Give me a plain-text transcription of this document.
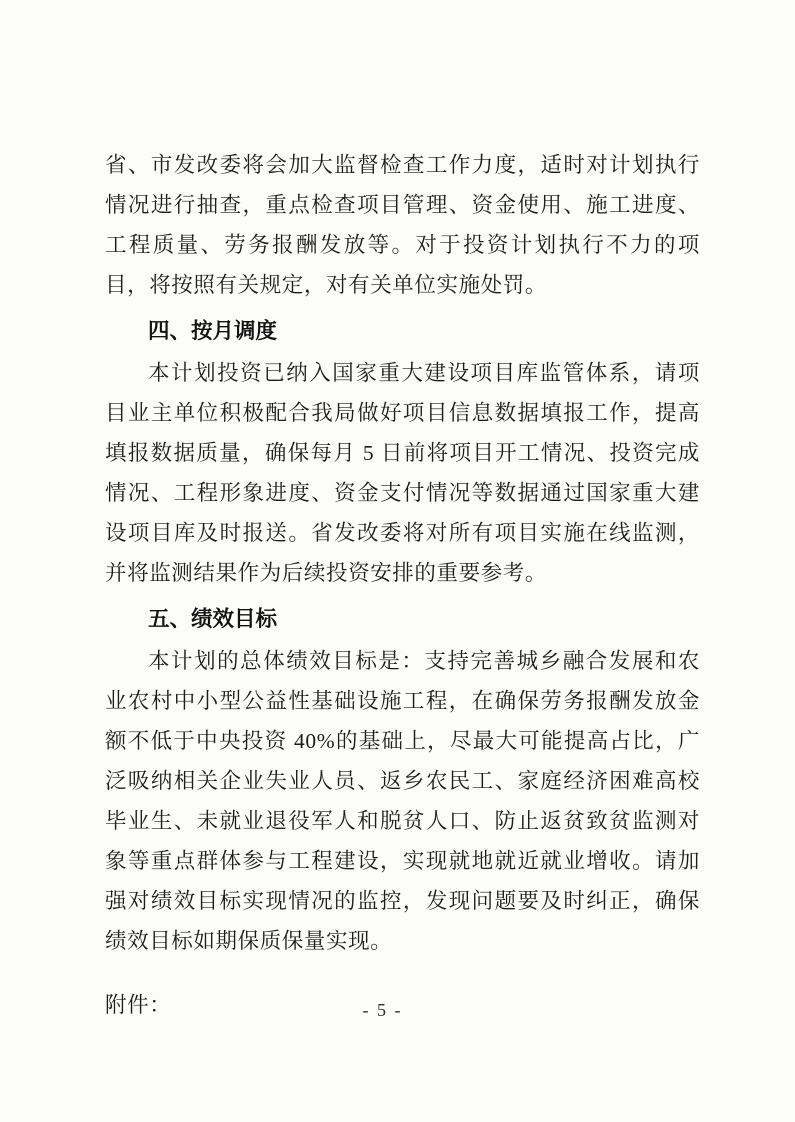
省、市发改委将会加大监督检查工作力度，适时对计划执行情况进行抽查，重点检查项目管理、资金使用、施工进度、工程质量、劳务报酬发放等。对于投资计划执行不力的项目，将按照有关规定，对有关单位实施处罚。

四、按月调度

本计划投资已纳入国家重大建设项目库监管体系，请项目业主单位积极配合我局做好项目信息数据填报工作，提高填报数据质量，确保每月 5 日前将项目开工情况、投资完成情况、工程形象进度、资金支付情况等数据通过国家重大建设项目库及时报送。省发改委将对所有项目实施在线监测，并将监测结果作为后续投资安排的重要参考。

五、绩效目标

本计划的总体绩效目标是：支持完善城乡融合发展和农业农村中小型公益性基础设施工程，在确保劳务报酬发放金额不低于中央投资 40%的基础上，尽最大可能提高占比，广泛吸纳相关企业失业人员、返乡农民工、家庭经济困难高校毕业生、未就业退役军人和脱贫人口、防止返贫致贫监测对象等重点群体参与工程建设，实现就地就近就业增收。请加强对绩效目标实现情况的监控，发现问题要及时纠正，确保绩效目标如期保质保量实现。

附件：	- 5 -
